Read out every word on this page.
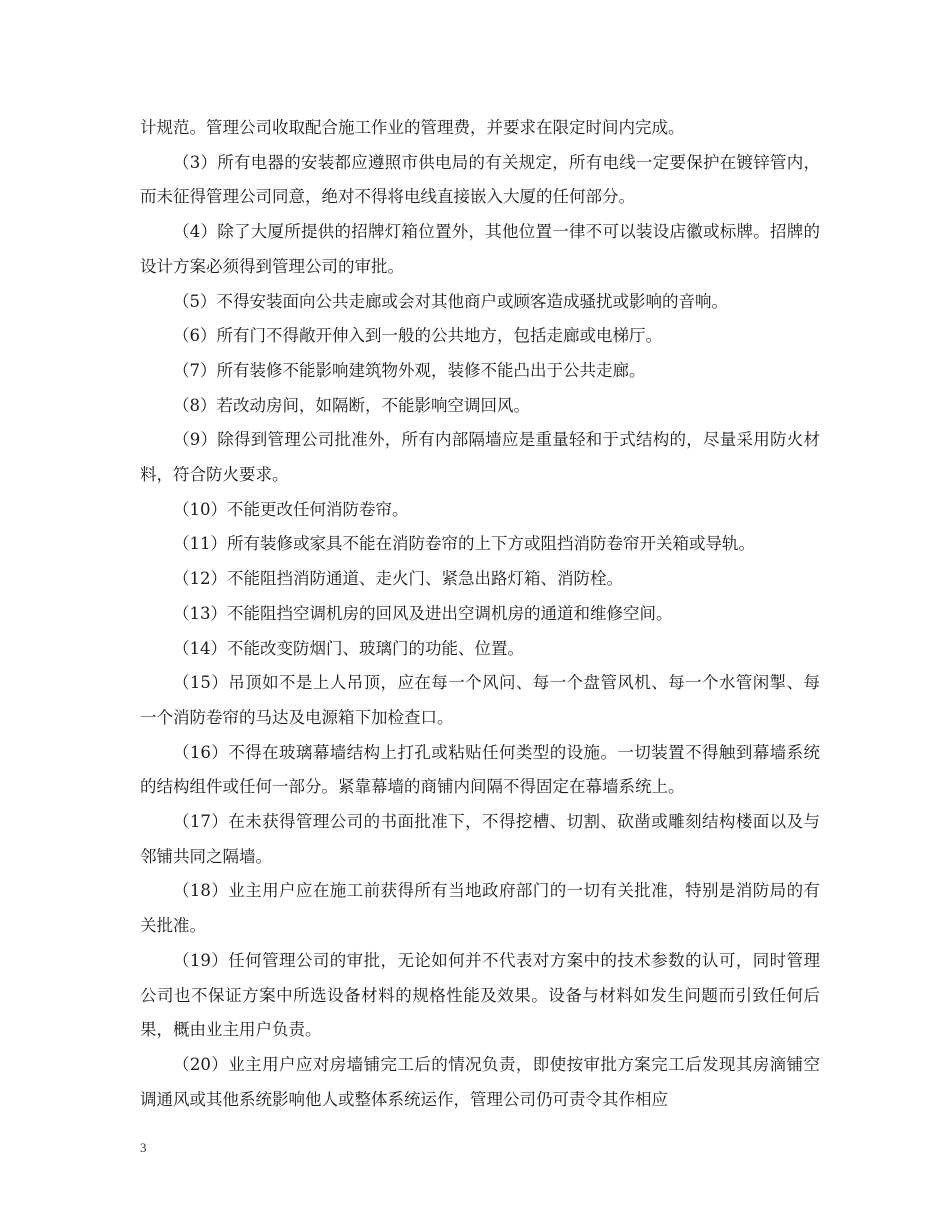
计规范。管理公司收取配合施工作业的管理费，并要求在限定时间内完成。

（3）所有电器的安装都应遵照市供电局的有关规定，所有电线一定要保护在镀锌管内，而未征得管理公司同意，绝对不得将电线直接嵌入大厦的任何部分。

（4）除了大厦所提供的招牌灯箱位置外，其他位置一律不可以装设店徽或标牌。招牌的设计方案必须得到管理公司的审批。

（5）不得安装面向公共走廊或会对其他商户或顾客造成骚扰或影响的音响。

（6）所有门不得敞开伸入到一般的公共地方，包括走廊或电梯厅。

（7）所有装修不能影响建筑物外观，装修不能凸出于公共走廊。

（8）若改动房间，如隔断，不能影响空调回风。

（9）除得到管理公司批准外，所有内部隔墙应是重量轻和于式结构的，尽量采用防火材料，符合防火要求。

（10）不能更改任何消防卷帘。

（11）所有装修或家具不能在消防卷帘的上下方或阻挡消防卷帘开关箱或导轨。

（12）不能阻挡消防通道、走火门、紧急出路灯箱、消防栓。

（13）不能阻挡空调机房的回风及进出空调机房的通道和维修空间。

（14）不能改变防烟门、玻璃门的功能、位置。

（15）吊顶如不是上人吊顶，应在每一个风问、每一个盘管风机、每一个水管闲掣、每一个消防卷帘的马达及电源箱下加检查口。

（16）不得在玻璃幕墙结构上打孔或粘贴任何类型的设施。一切装置不得触到幕墙系统的结构组件或任何一部分。紧靠幕墙的商铺内间隔不得固定在幕墙系统上。

（17）在未获得管理公司的书面批准下，不得挖槽、切割、砍凿或雕刻结构楼面以及与邻铺共同之隔墙。

（18）业主用户应在施工前获得所有当地政府部门的一切有关批准，特别是消防局的有关批准。

（19）任何管理公司的审批，无论如何并不代表对方案中的技术参数的认可，同时管理公司也不保证方案中所选设备材料的规格性能及效果。设备与材料如发生问题而引致任何后果，概由业主用户负责。

（20）业主用户应对房墙铺完工后的情况负责，即使按审批方案完工后发现其房滴铺空调通风或其他系统影响他人或整体系统运作，管理公司仍可责令其作相应

3
